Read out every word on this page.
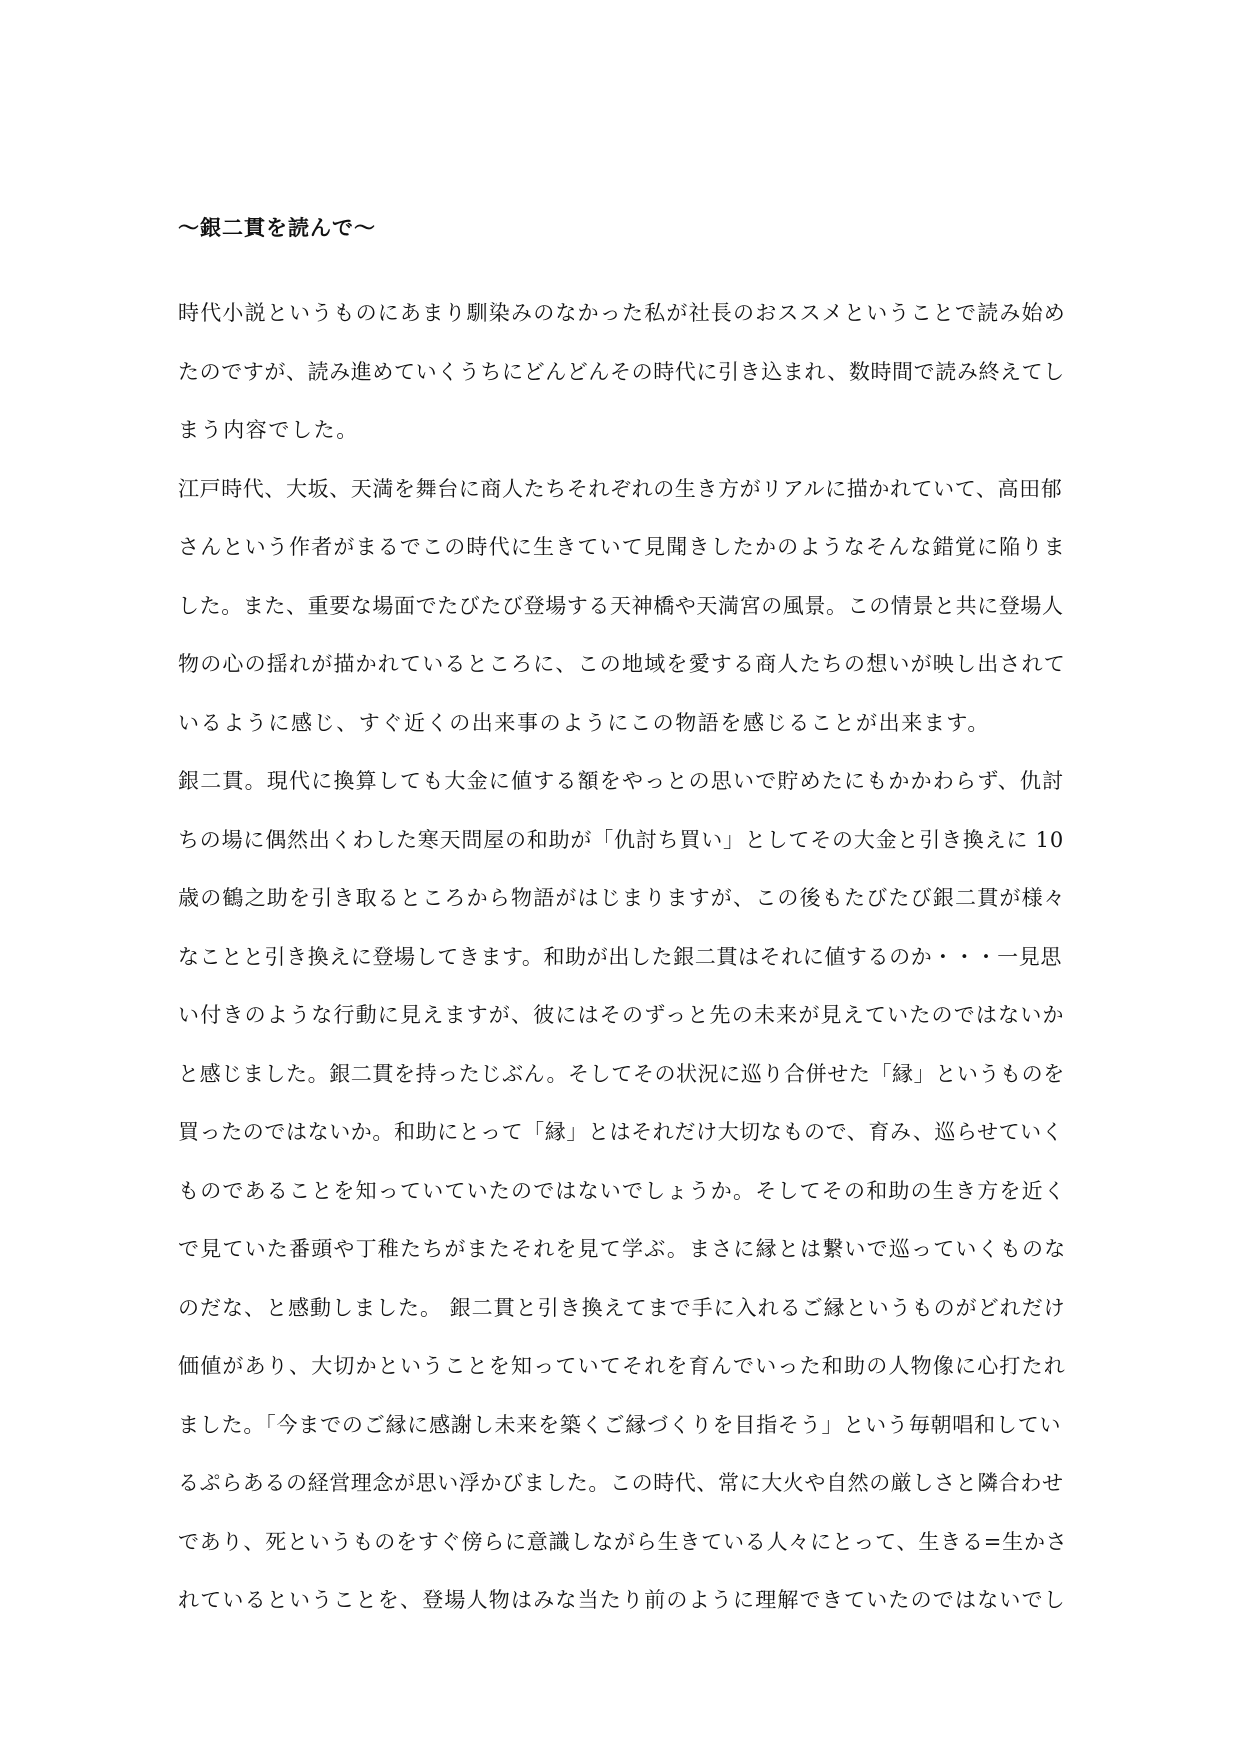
〜銀二貫を読んで〜
時代小説というものにあまり馴染みのなかった私が社長のおススメということで読み始め
たのですが、読み進めていくうちにどんどんその時代に引き込まれ、数時間で読み終えてし
まう内容でした。
江戸時代、大坂、天満を舞台に商人たちそれぞれの生き方がリアルに描かれていて、高田郁
さんという作者がまるでこの時代に生きていて見聞きしたかのようなそんな錯覚に陥りま
した。また、重要な場面でたびたび登場する天神橋や天満宮の風景。この情景と共に登場人
物の心の揺れが描かれているところに、この地域を愛する商人たちの想いが映し出されて
いるように感じ、すぐ近くの出来事のようにこの物語を感じることが出来ます。
銀二貫。現代に換算しても大金に値する額をやっとの思いで貯めたにもかかわらず、仇討
ちの場に偶然出くわした寒天問屋の和助が「仇討ち買い」としてその大金と引き換えに 10
歳の鶴之助を引き取るところから物語がはじまりますが、この後もたびたび銀二貫が様々
なことと引き換えに登場してきます。和助が出した銀二貫はそれに値するのか・・・一見思
い付きのような行動に見えますが、彼にはそのずっと先の未来が見えていたのではないか
と感じました。銀二貫を持ったじぶん。そしてその状況に巡り合併せた「縁」というものを
買ったのではないか。和助にとって「縁」とはそれだけ大切なもので、育み、巡らせていく
ものであることを知っていていたのではないでしょうか。そしてその和助の生き方を近く
で見ていた番頭や丁稚たちがまたそれを見て学ぶ。まさに縁とは繋いで巡っていくものな
のだな、と感動しました。 銀二貫と引き換えてまで手に入れるご縁というものがどれだけ
価値があり、大切かということを知っていてそれを育んでいった和助の人物像に心打たれ
ました。「今までのご縁に感謝し未来を築くご縁づくりを目指そう」という毎朝唱和してい
るぷらあるの経営理念が思い浮かびました。この時代、常に大火や自然の厳しさと隣合わせ
であり、死というものをすぐ傍らに意識しながら生きている人々にとって、生きる=生かさ
れているということを、登場人物はみな当たり前のように理解できていたのではないでし
